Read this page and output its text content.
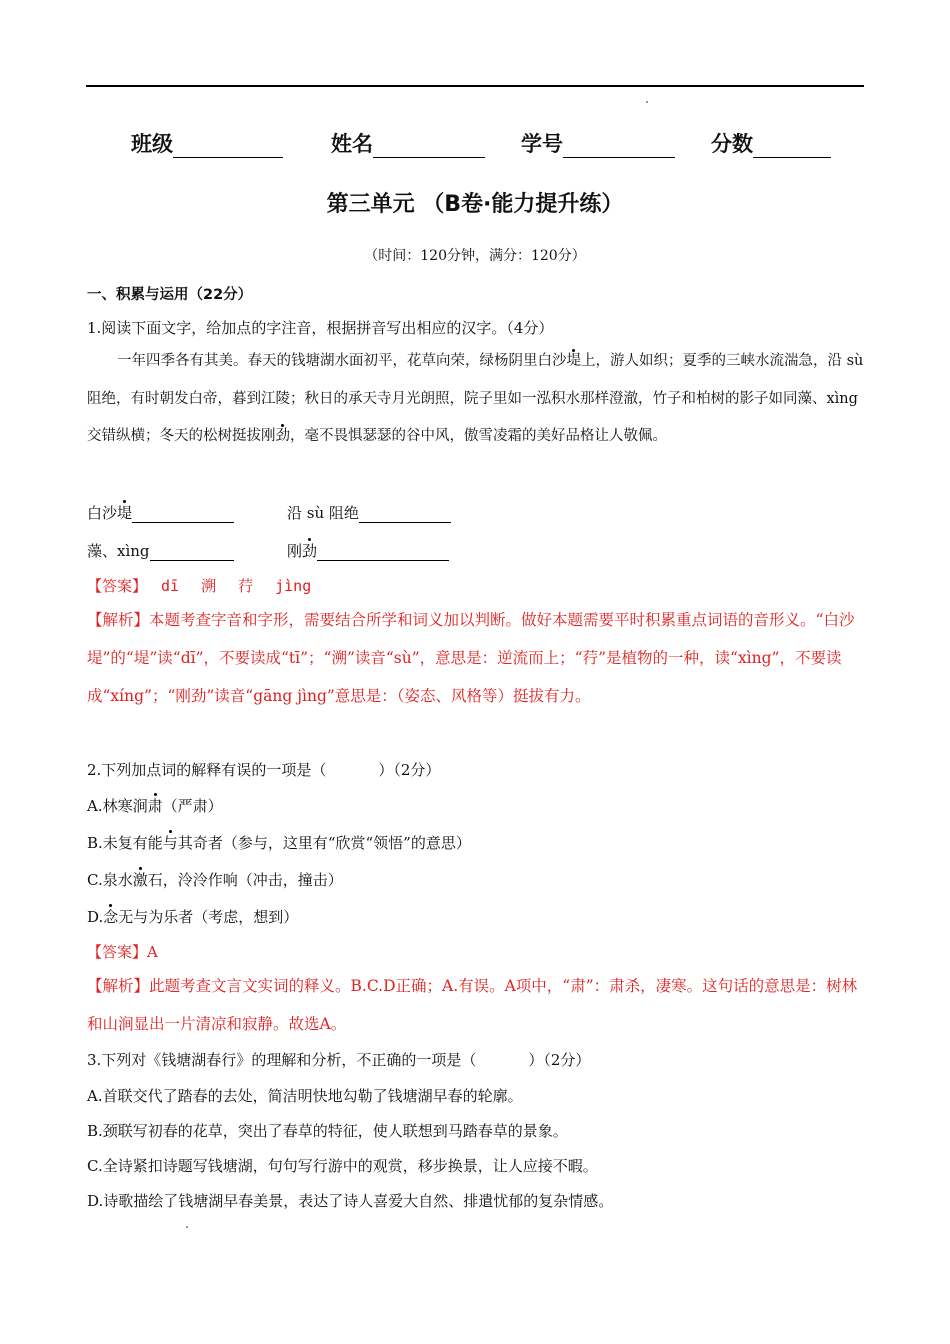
班级	姓名	学号	分数
第三单元 （B卷·能力提升练）
（时间：120分钟，满分：120分）
一、积累与运用（22分）
1.阅读下面文字，给加点的字注音，根据拼音写出相应的汉字。（4分）
一年四季各有其美。春天的钱塘湖水面初平，花草向荣，绿杨阴里白沙堤上，游人如织；夏季的三峡水流湍急，沿 sù 阻绝，有时朝发白帝，暮到江陵；秋日的承天寺月光朗照，院子里如一泓积水那样澄澈，竹子和柏树的影子如同藻、xìng 交错纵横；冬天的松树挺拔刚劲，毫不畏惧瑟瑟的谷中风，傲雪凌霜的美好品格让人敬佩。
白沙堤	沿 sù 阻绝
藻、xìng	刚劲
【答案】 dī 溯 荇 jìng
【解析】本题考查字音和字形，需要结合所学和词义加以判断。做好本题需要平时积累重点词语的音形义。“白沙堤”的“堤”读“dī”，不要读成“tī”；“溯”读音“sù”，意思是：逆流而上；“荇”是植物的一种，读“xìng”，不要读成“xíng”；“刚劲”读音“gāng jìng”意思是：（姿态、风格等）挺拔有力。
2.下列加点词的解释有误的一项是（	）（2分）
A.林寒涧肃（严肃）
B.未复有能与其奇者（参与，这里有“欣赏“领悟”的意思）
C.泉水激石，泠泠作响（冲击，撞击）
D.念无与为乐者（考虑，想到）
【答案】A
【解析】此题考查文言文实词的释义。B.C.D正确；A.有误。A项中，“肃”：肃杀，凄寒。这句话的意思是：树林和山涧显出一片清凉和寂静。故选A。
3.下列对《钱塘湖春行》的理解和分析，不正确的一项是（	）（2分）
A.首联交代了踏春的去处，简洁明快地勾勒了钱塘湖早春的轮廓。
B.颈联写初春的花草，突出了春草的特征，使人联想到马踏春草的景象。
C.全诗紧扣诗题写钱塘湖，句句写行游中的观赏，移步换景，让人应接不暇。
D.诗歌描绘了钱塘湖早春美景，表达了诗人喜爱大自然、排遣忧郁的复杂情感。
